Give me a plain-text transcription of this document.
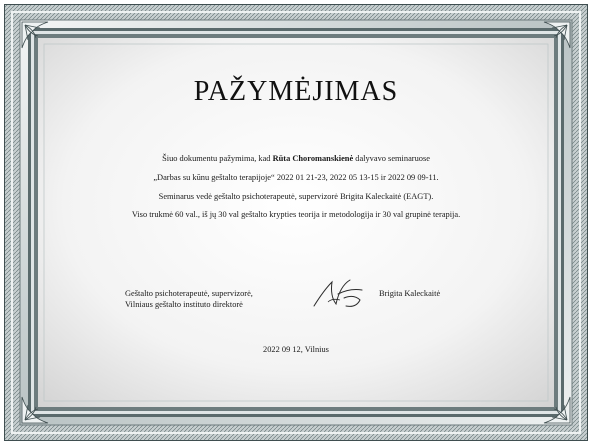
PAŽYMĖJIMAS
Šiuo dokumentu pažymima, kad Rūta Choromanskienė dalyvavo seminaruose
„Darbas su kūnu geštalto terapijoje“ 2022 01 21-23, 2022 05 13-15 ir 2022 09 09-11.
Seminarus vedė geštalto psichoterapeutė, supervizorė Brigita Kaleckaitė (EAGT).
Viso trukmė 60 val., iš jų 30 val geštalto krypties teorija ir metodologija ir 30 val grupinė terapija.
Geštalto psichoterapeutė, supervizorė,
Vilniaus geštalto instituto direktorė
Brigita Kaleckaitė
2022 09 12, Vilnius
